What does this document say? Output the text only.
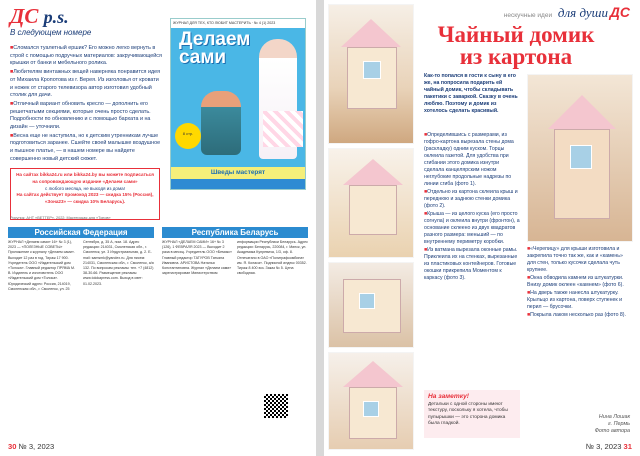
ДС p.s.
В следующем номере

■ Сломался туалетный ершик? Его можно легко вернуть в строй с помощью подручных материалов: закручивающейся крышки от банки и мебельного ролика.

■ Любителям винтажных вещей наверняка понравится идея от Михаила Кропотова из г. Верея. Из изголовья от кровати и ножек от старого телевизора автор изготовил удобный столик для дачи.

■ Отличный вариант обновить кресло — дополнить его решетчатыми секциями, которые очень просто сделать. Подробности по обновлению и с помощью бархата и на дизайн — уточнили.

■ Весна еще не наступила, но к детским утренникам лучше подготовиться заранее. Сшейте своей малышке воздушное и пышное платье, — в нашем номере вы найдете совершенно новый детский сюжет.

На сайтах bikka24.ru или bikka24.by вы можете подписаться на сопровождающую издание «Делаем сами»
с любого месяца, не выходя из дома!
На сайтах действует промокод 2023 — скидка 15% (Россия),
«Зона23» — скидка 10% Беларусь).
ЖУРНАЛ ДЛЯ ТЕХ, КТО ЛЮБИТ МАСТЕРИТЬ · № 4 (1) 2023
Делаем
сами
8 стр.
Шведы мастерят
Рисунок: АНТ «ВЕТТЕР», 2022; Мастерская для «Топов»
Российская Федерация	Республика Беларусь
ЖУРНАЛ «Делаем сами» 16+ № 3 (1), 2023 — «ПОЛЕЗНЫЕ СОВЕТЫ» Приложение к журналу «Делаем сами». Выходит 12 раз в год. Тираж 17 900. Учредитель ООО «Издательский дом «Толока». Главный редактор ПРЯМА М. В. Издатель и изготовитель ООО «Издательский дом «Толока». Юридический адрес: Россия, 214019, Смоленская обл., г. Смоленск, ул. 25 Сентября, д. 35 А, пом. 18. Адрес редакции: 214031, Смоленская обл., г. Смоленск, ул. 3 Индустриальная, д. 2. Е-mail: samsmk@yandex.ru. Для писем: 214031, Смоленская обл., г. Смоленск, а/я 132. По вопросам рекламы: тел. +7 (4812) 38-30-66. Размещение рекламы www.tolokapress.com. Выход в свет: 01.02.2023.
ЖУРНАЛ «ДЕЛАЕМ САМИ» 16+ № 3 (126), 1 ФЕВРАЛЯ 2023 — Выходит 2 раза в месяц. Учредитель ООО «Бемикс» Главный редактор ТАТУРОВ Татьяна Ивановна. АРИСТОВА Наталья Константиновна. Журнал «Делаем сами» зарегистрирован Министерством информации Республики Беларусь. Адрес редакции: Беларусь, 220084, г. Минск, ул. Академика Купревича, 1/3, оф. 8. Отпечатано в ОАО «Полиграфкомбинат им. Я. Коласа». Подписной индекс 00352. Тираж 8 400 экз. Заказ № 5. Цена свободная.
30 № 3, 2023
нескучные идеи для души ДС
Чайный домик
из картона
Как-то попался в гости к сыну в его же, на попросила подарить ей чайный домик, чтобы складывать пакетики с заваркой. Сказку в очень люблю. Поэтому и домик из хотелось сделать красивый.

■ Определившись с размерами, из гофро-картона вырезала стены дома (раскладку) одним куском. Торцы оклеила газетой. Для удобства при сгибании этого домика изнутри сделала канцелярским ножом неглубокие продольные надрезы по линии сгиба (фото 1).

■ Отдельно из картона склеила крыш и переднюю и заднюю стенки домика (фото 2).

■ Крыша — из целого куска (его просто согнула) и оклеила внутри (фронтон), а основание склеено из двух квадратов разного размера: меньший — по внутреннему периметру коробки.

■ Из ватмана вырезала оконные рамы. Приклеила их на стенках, вырезанные из пластиковых контейнеров. Готовые окошки прикрепила Моментом к каркасу (фото 3).

На заметку!
Детальки с одной стороны имеют текстуру, поскольку я хотела, чтобы пупырышки — это сторона домика была гладкой.

■ «Черепицу» для крыши изготовила и закрепила точно так же, как и «камень» для стен, только кусочки сделала чуть крупнее.

■ Окна обводила камнем из штукатурки. Внизу домик оклеен «камнем» (фото 6).

■ На дверь также нанесла штукатурку. Крыльцо из картона, поверх ступенек и перил — брусочки.

■ Покрыла лаком несколько раз (фото 8).

Нина Лошак
г. Пермь
Фото автора
№ 3, 2023 31
